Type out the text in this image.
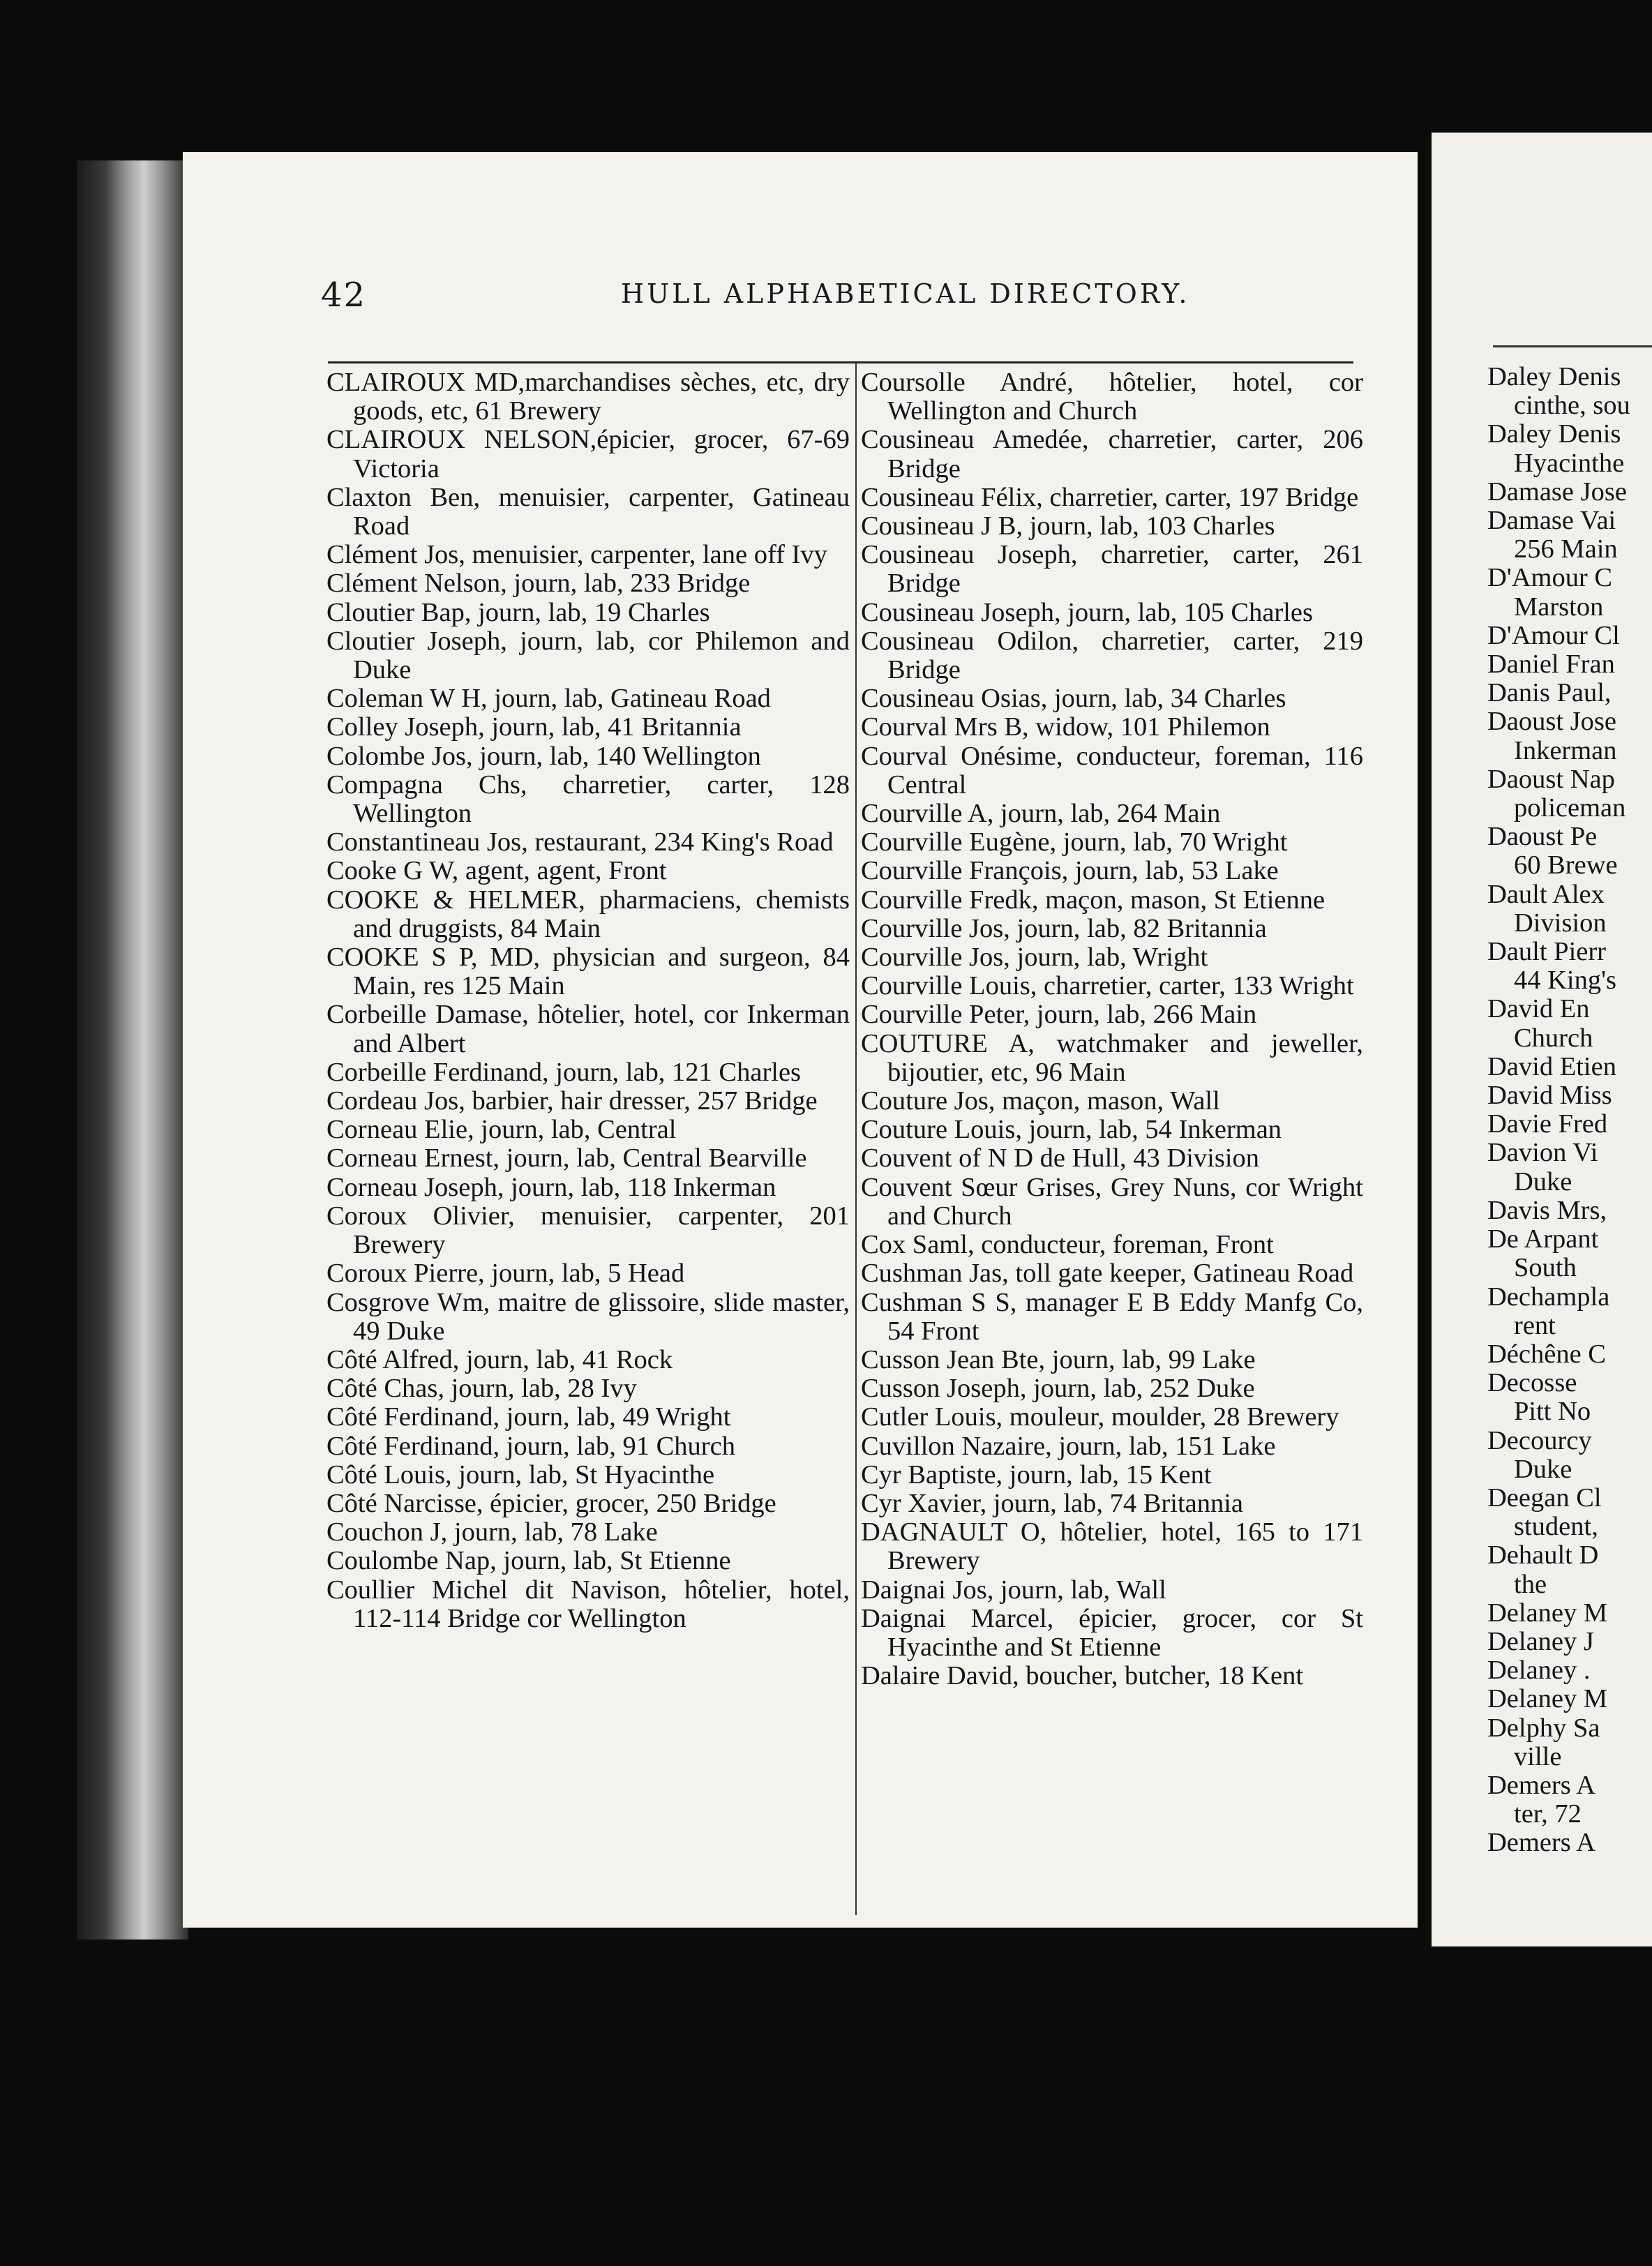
42	HULL ALPHABETICAL DIRECTORY.
CLAIROUX MD,marchandises sèches, etc, dry goods, etc, 61 Brewery
CLAIROUX NELSON,épicier, grocer, 67-69 Victoria
Claxton Ben, menuisier, carpenter, Gatineau Road
Clément Jos, menuisier, carpenter, lane off Ivy
Clément Nelson, journ, lab, 233 Bridge
Cloutier Bap, journ, lab, 19 Charles
Cloutier Joseph, journ, lab, cor Philemon and Duke
Coleman W H, journ, lab, Gatineau Road
Colley Joseph, journ, lab, 41 Britannia
Colombe Jos, journ, lab, 140 Wellington
Compagna Chs, charretier, carter, 128 Wellington
Constantineau Jos, restaurant, 234 King's Road
Cooke G W, agent, agent, Front
COOKE & HELMER, pharmaciens, chemists and druggists, 84 Main
COOKE S P, MD, physician and surgeon, 84 Main, res 125 Main
Corbeille Damase, hôtelier, hotel, cor Inkerman and Albert
Corbeille Ferdinand, journ, lab, 121 Charles
Cordeau Jos, barbier, hair dresser, 257 Bridge
Corneau Elie, journ, lab, Central
Corneau Ernest, journ, lab, Central Bearville
Corneau Joseph, journ, lab, 118 Inkerman
Coroux Olivier, menuisier, carpenter, 201 Brewery
Coroux Pierre, journ, lab, 5 Head
Cosgrove Wm, maitre de glissoire, slide master, 49 Duke
Côté Alfred, journ, lab, 41 Rock
Côté Chas, journ, lab, 28 Ivy
Côté Ferdinand, journ, lab, 49 Wright
Côté Ferdinand, journ, lab, 91 Church
Côté Louis, journ, lab, St Hyacinthe
Côté Narcisse, épicier, grocer, 250 Bridge
Couchon J, journ, lab, 78 Lake
Coulombe Nap, journ, lab, St Etienne
Coullier Michel dit Navison, hôtelier, hotel, 112-114 Bridge cor Wellington
Coursolle André, hôtelier, hotel, cor Wellington and Church
Cousineau Amedée, charretier, carter, 206 Bridge
Cousineau Félix, charretier, carter, 197 Bridge
Cousineau J B, journ, lab, 103 Charles
Cousineau Joseph, charretier, carter, 261 Bridge
Cousineau Joseph, journ, lab, 105 Charles
Cousineau Odilon, charretier, carter, 219 Bridge
Cousineau Osias, journ, lab, 34 Charles
Courval Mrs B, widow, 101 Philemon
Courval Onésime, conducteur, foreman, 116 Central
Courville A, journ, lab, 264 Main
Courville Eugène, journ, lab, 70 Wright
Courville François, journ, lab, 53 Lake
Courville Fredk, maçon, mason, St Etienne
Courville Jos, journ, lab, 82 Britannia
Courville Jos, journ, lab, Wright
Courville Louis, charretier, carter, 133 Wright
Courville Peter, journ, lab, 266 Main
COUTURE A, watchmaker and jeweller, bijoutier, etc, 96 Main
Couture Jos, maçon, mason, Wall
Couture Louis, journ, lab, 54 Inkerman
Couvent of N D de Hull, 43 Division
Couvent Sœur Grises, Grey Nuns, cor Wright and Church
Cox Saml, conducteur, foreman, Front
Cushman Jas, toll gate keeper, Gatineau Road
Cushman S S, manager E B Eddy Manfg Co, 54 Front
Cusson Jean Bte, journ, lab, 99 Lake
Cusson Joseph, journ, lab, 252 Duke
Cutler Louis, mouleur, moulder, 28 Brewery
Cuvillon Nazaire, journ, lab, 151 Lake
Cyr Baptiste, journ, lab, 15 Kent
Cyr Xavier, journ, lab, 74 Britannia
DAGNAULT O, hôtelier, hotel, 165 to 171 Brewery
Daignai Jos, journ, lab, Wall
Daignai Marcel, épicier, grocer, cor St Hyacinthe and St Etienne
Dalaire David, boucher, butcher, 18 Kent
Daley Denis
cinthe, sou
Daley Denis
Hyacinthe
Damase Jose
Damase Vai
256 Main
D'Amour C
Marston
D'Amour Cl
Daniel Fran
Danis Paul,
Daoust Jose
Inkerman
Daoust Nap
policeman
Daoust Pe
60 Brewe
Dault Alex
Division
Dault Pierr
44 King's
David En
Church
David Etien
David Miss
Davie Fred
Davion Vi
Duke
Davis Mrs,
De Arpant
South
Dechampla
rent
Déchêne C
Decosse
Pitt No
Decourcy
Duke
Deegan Cl
student,
Dehault D
the
Delaney M
Delaney J
Delaney .
Delaney M
Delphy Sa
ville
Demers A
ter, 72
Demers A
